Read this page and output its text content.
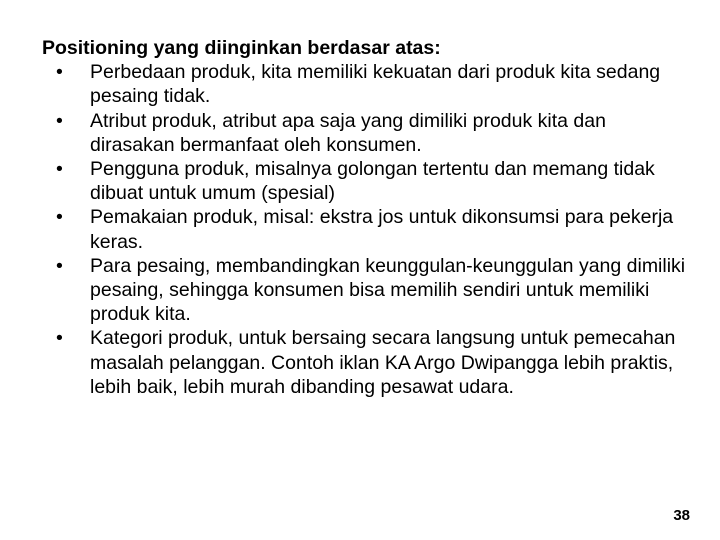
Positioning yang diinginkan berdasar atas:

•	Perbedaan produk, kita memiliki kekuatan dari produk kita sedang pesaing tidak.
•	Atribut produk, atribut apa saja yang dimiliki produk kita dan dirasakan bermanfaat oleh konsumen.
•	Pengguna produk, misalnya golongan tertentu dan memang tidak dibuat untuk umum (spesial)
•	Pemakaian produk, misal: ekstra jos untuk dikonsumsi para pekerja keras.
•	Para pesaing, membandingkan keunggulan-keunggulan yang dimiliki pesaing, sehingga konsumen bisa memilih sendiri untuk memiliki produk kita.
•	Kategori produk, untuk bersaing secara langsung untuk pemecahan masalah pelanggan. Contoh iklan KA Argo Dwipangga lebih praktis, lebih baik, lebih murah dibanding pesawat udara.
38
